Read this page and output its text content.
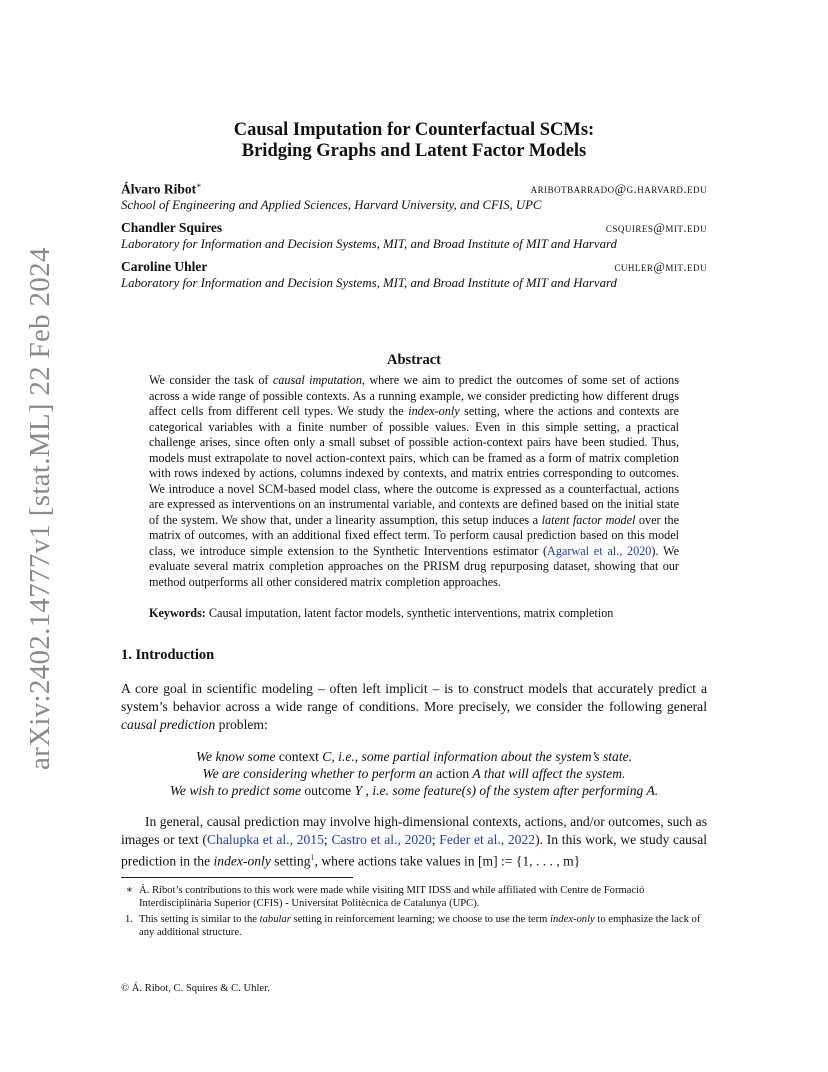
arXiv:2402.14777v1 [stat.ML] 22 Feb 2024
Causal Imputation for Counterfactual SCMs:
Bridging Graphs and Latent Factor Models
Álvaro Ribot∗	aribotbarrado@g.harvard.edu
School of Engineering and Applied Sciences, Harvard University, and CFIS, UPC
Chandler Squires	csquires@mit.edu
Laboratory for Information and Decision Systems, MIT, and Broad Institute of MIT and Harvard
Caroline Uhler	cuhler@mit.edu
Laboratory for Information and Decision Systems, MIT, and Broad Institute of MIT and Harvard
Abstract
We consider the task of causal imputation, where we aim to predict the outcomes of some set of actions across a wide range of possible contexts. As a running example, we consider predicting how different drugs affect cells from different cell types. We study the index-only setting, where the actions and contexts are categorical variables with a finite number of possible values. Even in this simple setting, a practical challenge arises, since often only a small subset of possible action-context pairs have been studied. Thus, models must extrapolate to novel action-context pairs, which can be framed as a form of matrix completion with rows indexed by actions, columns indexed by contexts, and matrix entries corresponding to outcomes. We introduce a novel SCM-based model class, where the outcome is expressed as a counterfactual, actions are expressed as interventions on an instrumental variable, and contexts are defined based on the initial state of the system. We show that, under a linearity assumption, this setup induces a latent factor model over the matrix of outcomes, with an additional fixed effect term. To perform causal prediction based on this model class, we introduce simple extension to the Synthetic Interventions estimator (Agarwal et al., 2020). We evaluate several matrix completion approaches on the PRISM drug repurposing dataset, showing that our method outperforms all other considered matrix completion approaches.
Keywords: Causal imputation, latent factor models, synthetic interventions, matrix completion
1. Introduction
A core goal in scientific modeling – often left implicit – is to construct models that accurately predict a system’s behavior across a wide range of conditions. More precisely, we consider the following general causal prediction problem:
We know some context C, i.e., some partial information about the system’s state.
We are considering whether to perform an action A that will affect the system.
We wish to predict some outcome Y , i.e. some feature(s) of the system after performing A.
In general, causal prediction may involve high-dimensional contexts, actions, and/or outcomes, such as images or text (Chalupka et al., 2015; Castro et al., 2020; Feder et al., 2022). In this work, we study causal prediction in the index-only setting$^1$, where actions take values in [m] := {1, . . . , m}
∗ Á. Ribot’s contributions to this work were made while visiting MIT IDSS and while affiliated with Centre de Formació Interdisciplinària Superior (CFIS) - Universitat Politècnica de Catalunya (UPC).
1. This setting is similar to the tabular setting in reinforcement learning; we choose to use the term index-only to emphasize the lack of any additional structure.
© Á. Ribot, C. Squires & C. Uhler.
